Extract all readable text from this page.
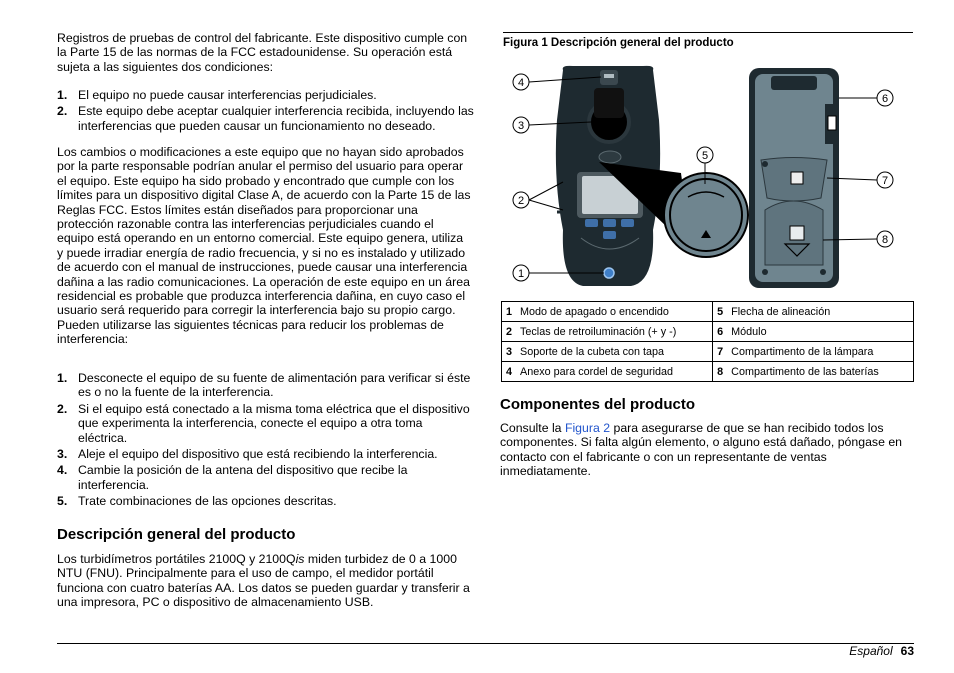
Registros de pruebas de control del fabricante. Este dispositivo cumple con la Parte 15 de las normas de la FCC estadounidense. Su operación está sujeta a las siguientes dos condiciones:
1. El equipo no puede causar interferencias perjudiciales.
2. Este equipo debe aceptar cualquier interferencia recibida, incluyendo las interferencias que pueden causar un funcionamiento no deseado.
Los cambios o modificaciones a este equipo que no hayan sido aprobados por la parte responsable podrían anular el permiso del usuario para operar el equipo. Este equipo ha sido probado y encontrado que cumple con los límites para un dispositivo digital Clase A, de acuerdo con la Parte 15 de las Reglas FCC. Estos límites están diseñados para proporcionar una protección razonable contra las interferencias perjudiciales cuando el equipo está operando en un entorno comercial. Este equipo genera, utiliza y puede irradiar energía de radio frecuencia, y si no es instalado y utilizado de acuerdo con el manual de instrucciones, puede causar una interferencia dañina a las radio comunicaciones. La operación de este equipo en un área residencial es probable que produzca interferencia dañina, en cuyo caso el usuario será requerido para corregir la interferencia bajo su propio cargo. Pueden utilizarse las siguientes técnicas para reducir los problemas de interferencia:
1. Desconecte el equipo de su fuente de alimentación para verificar si éste es o no la fuente de la interferencia.
2. Si el equipo está conectado a la misma toma eléctrica que el dispositivo que experimenta la interferencia, conecte el equipo a otra toma eléctrica.
3. Aleje el equipo del dispositivo que está recibiendo la interferencia.
4. Cambie la posición de la antena del dispositivo que recibe la interferencia.
5. Trate combinaciones de las opciones descritas.
Descripción general del producto
Los turbidímetros portátiles 2100Q y 2100Qis miden turbidez de 0 a 1000 NTU (FNU). Principalmente para el uso de campo, el medidor portátil funciona con cuatro baterías AA. Los datos se pueden guardar y transferir a una impresora, PC o dispositivo de almacenamiento USB.
Figura 1 Descripción general del producto
4
3
2
1
5
6
7
8
1	Modo de apagado o encendido	5	Flecha de alineación
2	Teclas de retroiluminación (+ y -)	6	Módulo
3	Soporte de la cubeta con tapa	7	Compartimento de la lámpara
4	Anexo para cordel de seguridad	8	Compartimento de las baterías
Componentes del producto
Consulte la Figura 2 para asegurarse de que se han recibido todos los componentes. Si falta algún elemento, o alguno está dañado, póngase en contacto con el fabricante o con un representante de ventas inmediatamente.
Español 63
